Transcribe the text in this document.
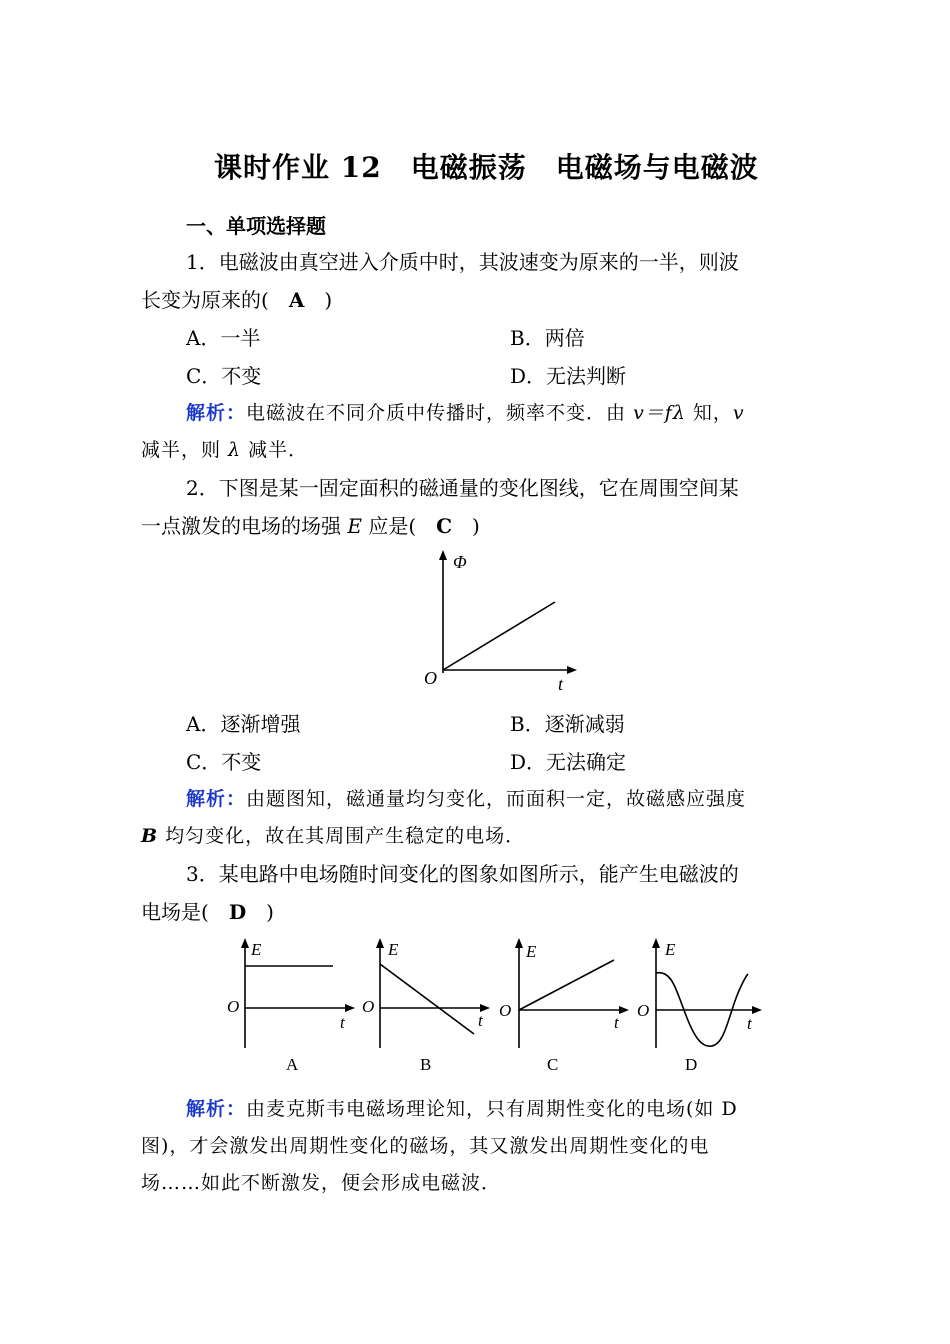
课时作业 12　电磁振荡　电磁场与电磁波
一、单项选择题
1．电磁波由真空进入介质中时，其波速变为原来的一半，则波
长变为原来的(　A　)
A．一半	B．两倍
C．不变	D．无法判断
解析：电磁波在不同介质中传播时，频率不变．由 v＝fλ 知，v
减半，则 λ 减半．
2．下图是某一固定面积的磁通量的变化图线，它在周围空间某
一点激发的电场的场强 E 应是(　C　)
Φ
O	t
A．逐渐增强	B．逐渐减弱
C．不变	D．无法确定
解析：由题图知，磁通量均匀变化，而面积一定，故磁感应强度
B 均匀变化，故在其周围产生稳定的电场．
3．某电路中电场随时间变化的图象如图所示，能产生电磁波的
电场是(　D　)
E
O
t
A
E
O
t
B
E
O
t
C
E
O
t
D
解析：由麦克斯韦电磁场理论知，只有周期性变化的电场(如 D
图)，才会激发出周期性变化的磁场，其又激发出周期性变化的电
场……如此不断激发，便会形成电磁波．
